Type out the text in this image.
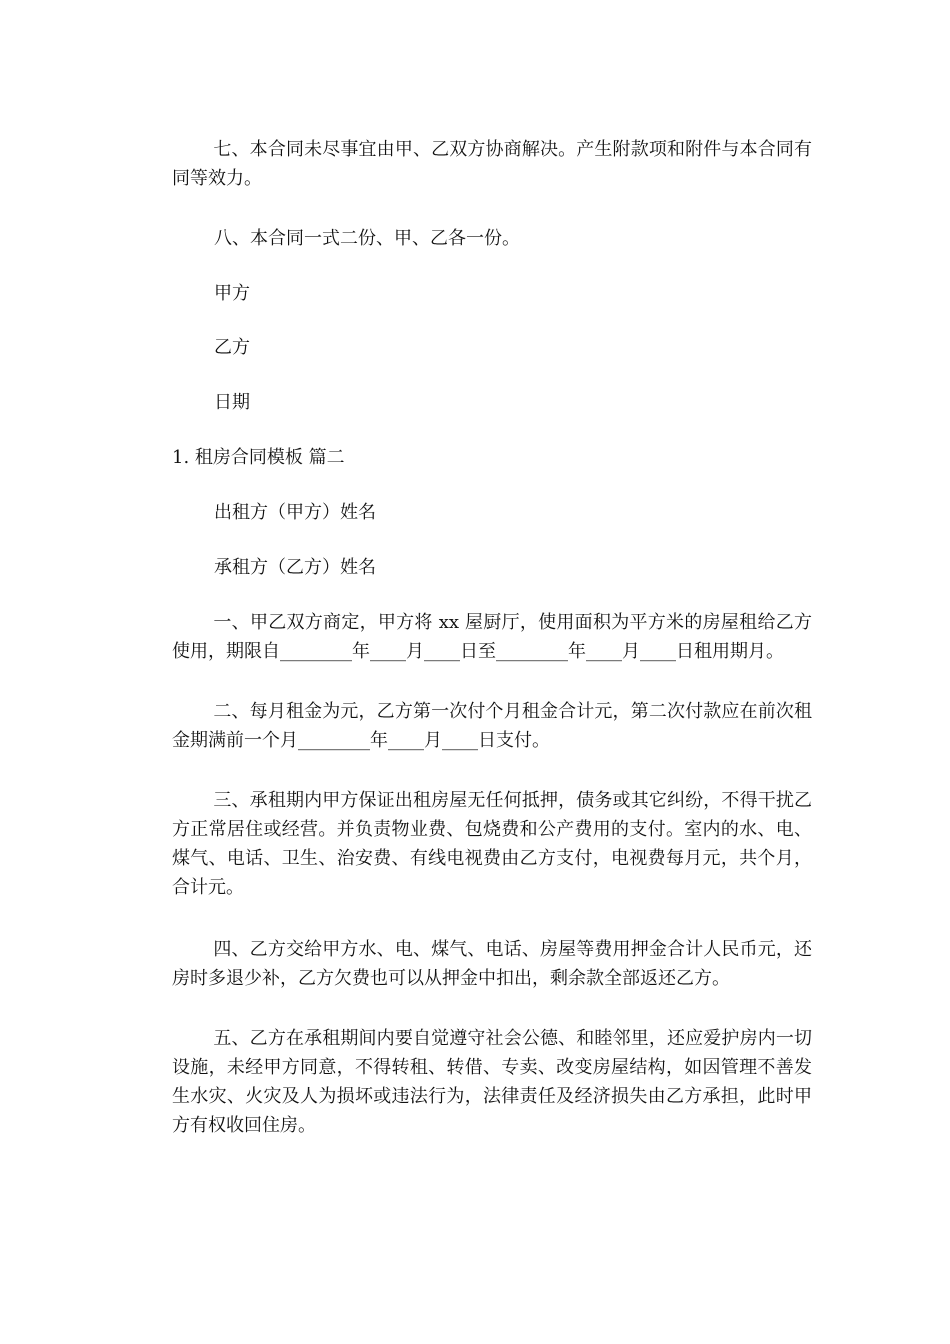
七、本合同未尽事宜由甲、乙双方协商解决。产生附款项和附件与本合同有同等效力。

八、本合同一式二份、甲、乙各一份。

甲方

乙方

日期

1. 租房合同模板 篇二

出租方（甲方）姓名

承租方（乙方）姓名

一、甲乙双方商定，甲方将 xx 屋厨厅，使用面积为平方米的房屋租给乙方使用，期限自________年____月____日至________年____月____日租用期月。

二、每月租金为元，乙方第一次付个月租金合计元，第二次付款应在前次租金期满前一个月________年____月____日支付。

三、承租期内甲方保证出租房屋无任何抵押，债务或其它纠纷，不得干扰乙方正常居住或经营。并负责物业费、包烧费和公产费用的支付。室内的水、电、煤气、电话、卫生、治安费、有线电视费由乙方支付，电视费每月元，共个月，合计元。

四、乙方交给甲方水、电、煤气、电话、房屋等费用押金合计人民币元，还房时多退少补，乙方欠费也可以从押金中扣出，剩余款全部返还乙方。

五、乙方在承租期间内要自觉遵守社会公德、和睦邻里，还应爱护房内一切设施，未经甲方同意，不得转租、转借、专卖、改变房屋结构，如因管理不善发生水灾、火灾及人为损坏或违法行为，法律责任及经济损失由乙方承担，此时甲方有权收回住房。
